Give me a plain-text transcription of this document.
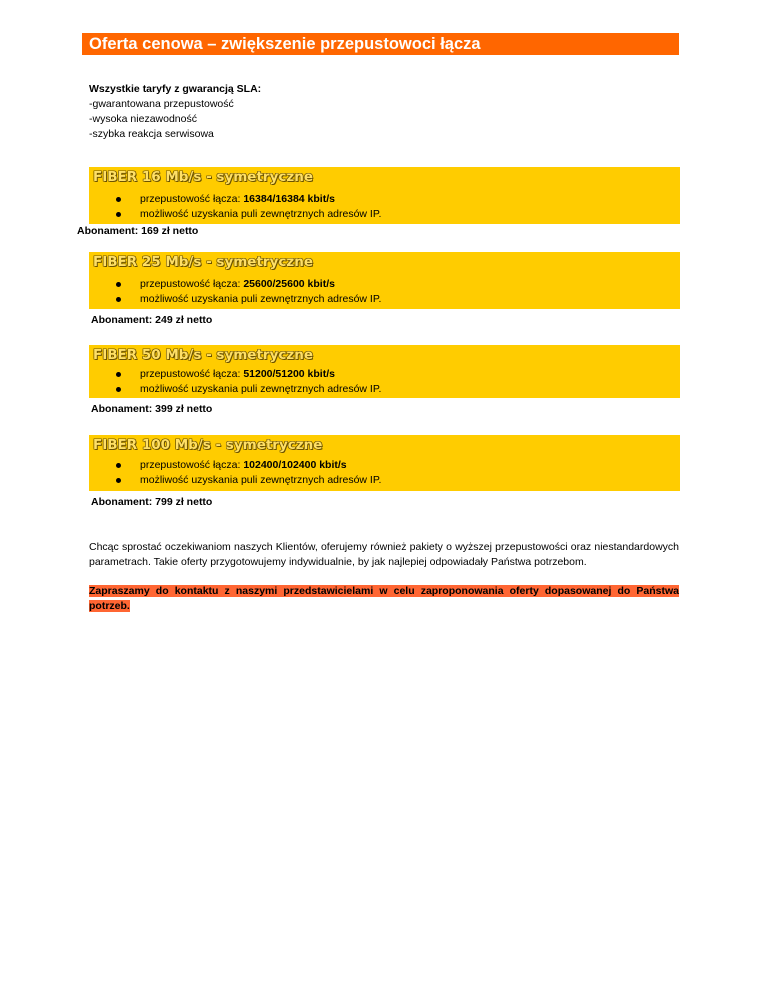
Oferta cenowa – zwiększenie przepustowoci łącza
Wszystkie taryfy z gwarancją SLA:
-gwarantowana przepustowość
-wysoka niezawodność
-szybka reakcja serwisowa
FIBER 16 Mb/s - symetryczne
przepustowość łącza: 16384/16384 kbit/s
możliwość uzyskania puli zewnętrznych adresów IP.
Abonament: 169 zł netto
FIBER 25 Mb/s - symetryczne
przepustowość łącza: 25600/25600 kbit/s
możliwość uzyskania puli zewnętrznych adresów IP.
Abonament: 249 zł netto
FIBER 50 Mb/s - symetryczne
przepustowość łącza: 51200/51200 kbit/s
możliwość uzyskania puli zewnętrznych adresów IP.
Abonament: 399 zł netto
FIBER 100 Mb/s - symetryczne
przepustowość łącza: 102400/102400 kbit/s
możliwość uzyskania puli zewnętrznych adresów IP.
Abonament: 799 zł netto
Chcąc sprostać oczekiwaniom naszych Klientów, oferujemy również pakiety o wyższej przepustowości oraz niestandardowych parametrach. Takie oferty przygotowujemy indywidualnie, by jak najlepiej odpowiadały Państwa potrzebom.
Zapraszamy do kontaktu z naszymi przedstawicielami w celu zaproponowania oferty dopasowanej do Państwa potrzeb.
